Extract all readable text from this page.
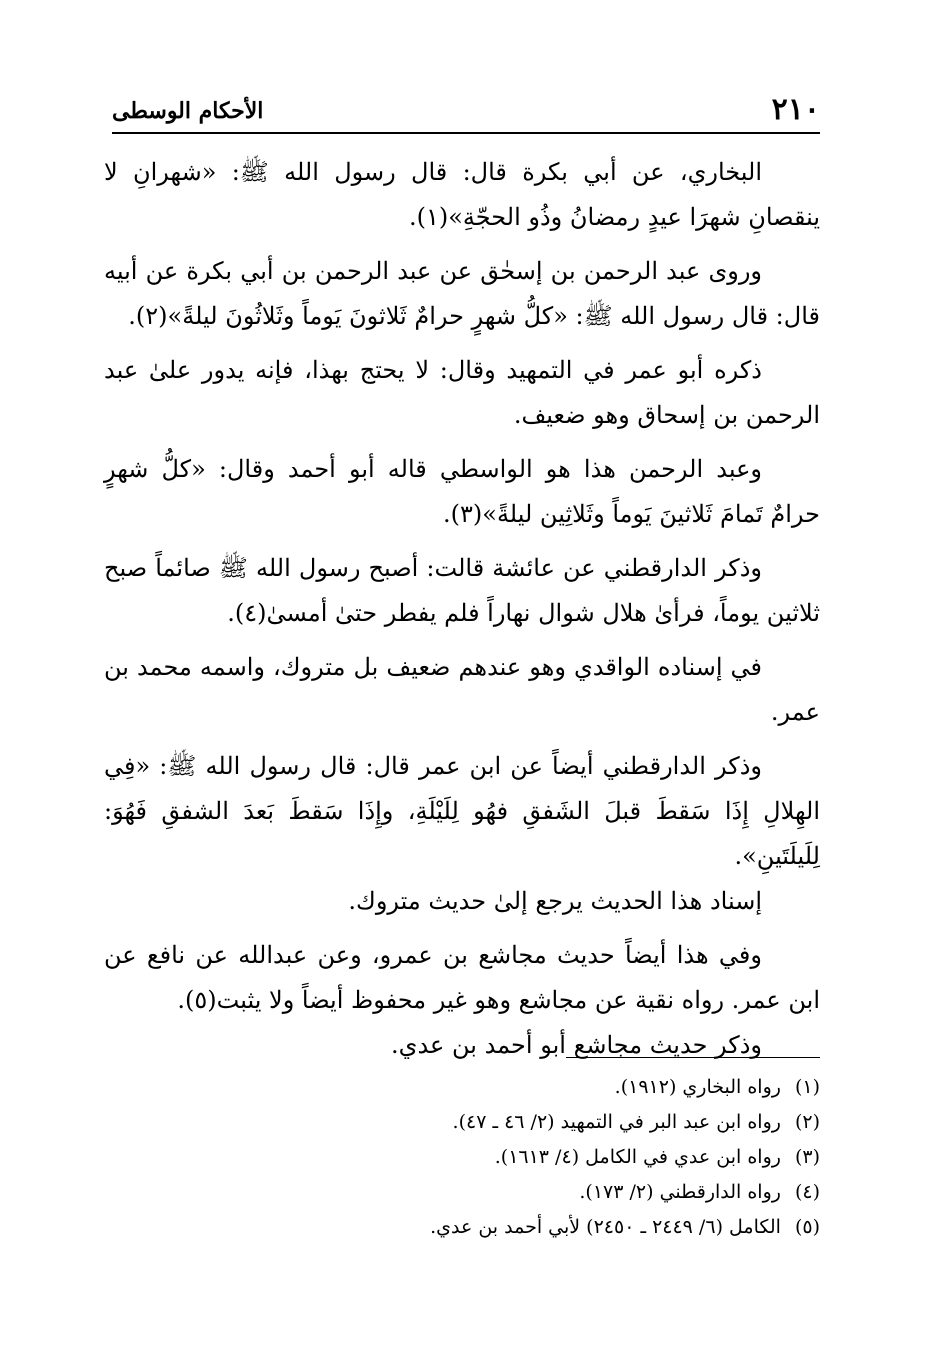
٢١٠
الأحكام الوسطى

البخاري، عن أبي بكرة قال: قال رسول الله ﷺ: «شهرانِ لا ينقصانِ شهرَا عيدٍ رمضانُ وذُو الحجّةِ»(١).

وروى عبد الرحمن بن إسحٰق عن عبد الرحمن بن أبي بكرة عن أبيه قال: قال رسول الله ﷺ: «كلُّ شهرٍ حرامٌ ثَلاثونَ يَوماً وثَلاثُونَ ليلةً»(٢).

ذكره أبو عمر في التمهيد وقال: لا يحتج بهذا، فإنه يدور علىٰ عبد الرحمن بن إسحاق وهو ضعيف.

وعبد الرحمن هذا هو الواسطي قاله أبو أحمد وقال: «كلُّ شهرٍ حرامٌ تَمامَ ثَلاثينَ يَوماً وثَلاثِين ليلةً»(٣).

وذكر الدارقطني عن عائشة قالت: أصبح رسول الله ﷺ صائماً صبح ثلاثين يوماً، فرأىٰ هلال شوال نهاراً فلم يفطر حتىٰ أمسىٰ(٤).

في إسناده الواقدي وهو عندهم ضعيف بل متروك، واسمه محمد بن عمر.

وذكر الدارقطني أيضاً عن ابن عمر قال: قال رسول الله ﷺ: «فِي الهِلالِ إِذَا سَقطَ قبلَ الشَفقِ فهُو لِلَيْلَةِ، وإِذَا سَقطَ بَعدَ الشفقِ فَهُوَ: لِلَيلَتَينِ».

إسناد هذا الحديث يرجع إلىٰ حديث متروك.

وفي هذا أيضاً حديث مجاشع بن عمرو، وعن عبدالله عن نافع عن ابن عمر. رواه نقية عن مجاشع وهو غير محفوظ أيضاً ولا يثبت(٥).

وذكر حديث مجاشع أبو أحمد بن عدي.

(١)
رواه البخاري (١٩١٢).
(٢)
رواه ابن عبد البر في التمهيد (٢/ ٤٦ ـ ٤٧).
(٣)
رواه ابن عدي في الكامل (٤/ ١٦١٣).
(٤)
رواه الدارقطني (٢/ ١٧٣).
(٥)
الكامل (٦/ ٢٤٤٩ ـ ٢٤٥٠) لأبي أحمد بن عدي.
